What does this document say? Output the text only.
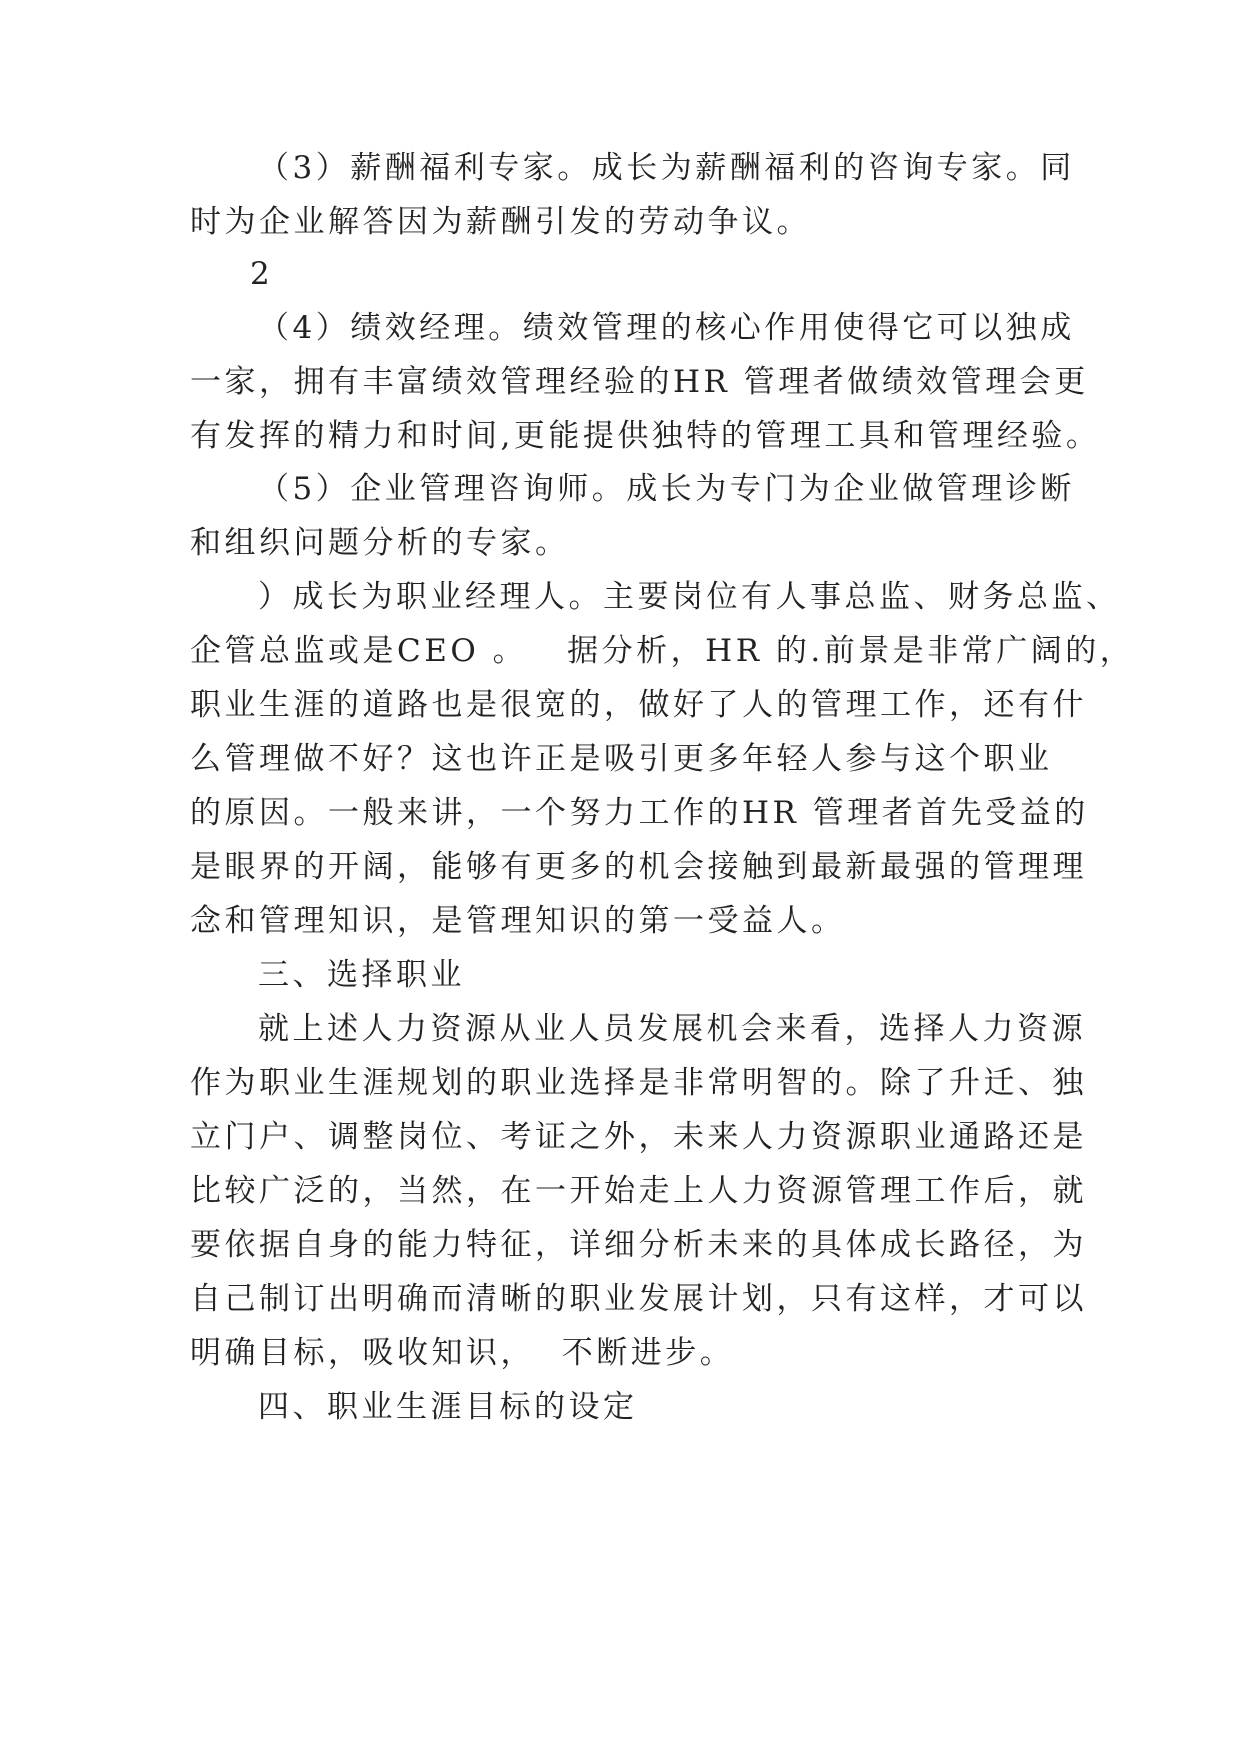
（3）薪酬福利专家。成长为薪酬福利的咨询专家。同
时为企业解答因为薪酬引发的劳动争议。
2
（4）绩效经理。绩效管理的核心作用使得它可以独成
一家，拥有丰富绩效管理经验的HR 管理者做绩效管理会更
有发挥的精力和时间,更能提供独特的管理工具和管理经验。
（5）企业管理咨询师。成长为专门为企业做管理诊断
和组织问题分析的专家。
）成长为职业经理人。主要岗位有人事总监、财务总监、
企管总监或是CEO 。   据分析，HR 的.前景是非常广阔的，
职业生涯的道路也是很宽的，做好了人的管理工作，还有什
么管理做不好？这也许正是吸引更多年轻人参与这个职业
的原因。一般来讲，一个努力工作的HR 管理者首先受益的
是眼界的开阔，能够有更多的机会接触到最新最强的管理理
念和管理知识，是管理知识的第一受益人。
三、选择职业
就上述人力资源从业人员发展机会来看，选择人力资源
作为职业生涯规划的职业选择是非常明智的。除了升迁、独
立门户、调整岗位、考证之外，未来人力资源职业通路还是
比较广泛的，当然，在一开始走上人力资源管理工作后，就
要依据自身的能力特征，详细分析未来的具体成长路径，为
自己制订出明确而清晰的职业发展计划，只有这样，才可以
明确目标，吸收知识，  不断进步。
四、职业生涯目标的设定
